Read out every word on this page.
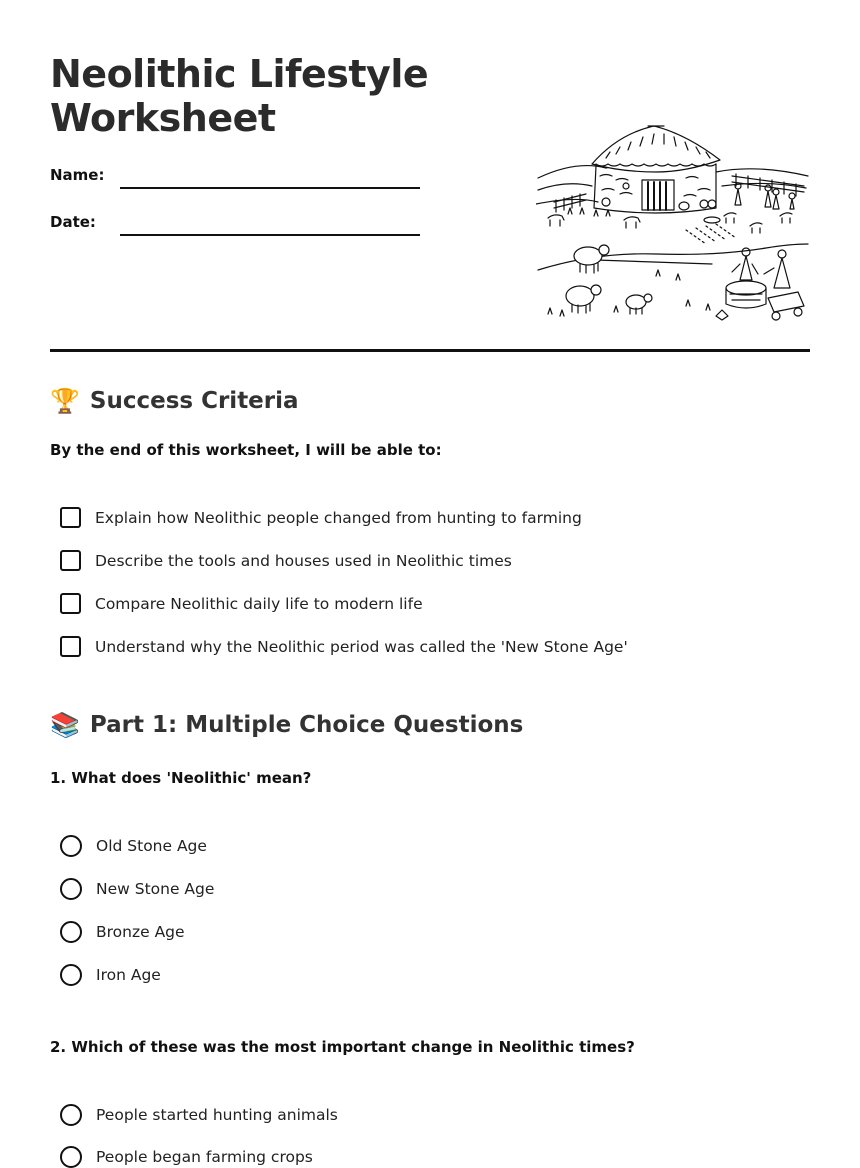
Neolithic Lifestyle Worksheet
Name:
Date:
🏆 Success Criteria
By the end of this worksheet, I will be able to:
Explain how Neolithic people changed from hunting to farming
Describe the tools and houses used in Neolithic times
Compare Neolithic daily life to modern life
Understand why the Neolithic period was called the 'New Stone Age'
📚 Part 1: Multiple Choice Questions
1. What does 'Neolithic' mean?
Old Stone Age
New Stone Age
Bronze Age
Iron Age
2. Which of these was the most important change in Neolithic times?
People started hunting animals
People began farming crops
